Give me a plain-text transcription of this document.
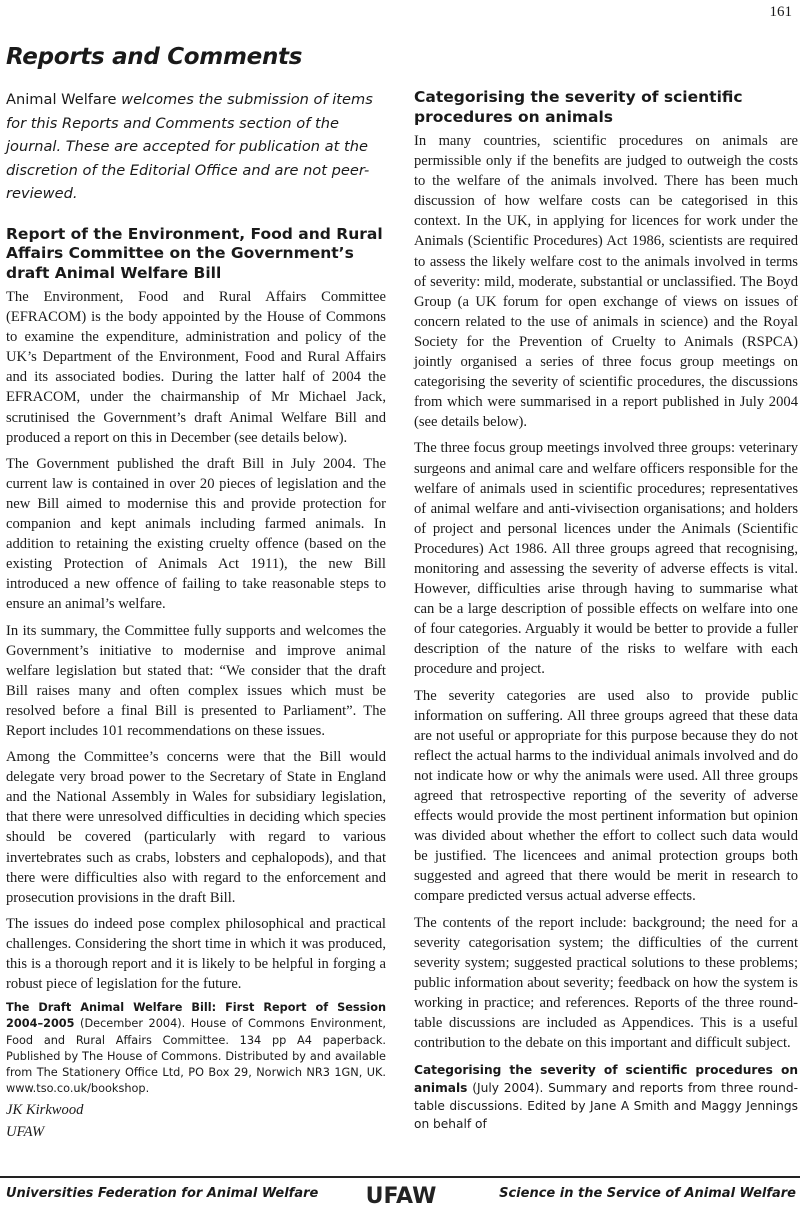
161
Reports and Comments

Animal Welfare welcomes the submission of items for this Reports and Comments section of the journal. These are accepted for publication at the discretion of the Editorial Office and are not peer-reviewed.

Report of the Environment, Food and Rural Affairs Committee on the Government’s draft Animal Welfare Bill

The Environment, Food and Rural Affairs Committee (EFRACOM) is the body appointed by the House of Commons to examine the expenditure, administration and policy of the UK’s Department of the Environment, Food and Rural Affairs and its associated bodies. During the latter half of 2004 the EFRACOM, under the chairmanship of Mr Michael Jack, scrutinised the Government’s draft Animal Welfare Bill and produced a report on this in December (see details below).

The Government published the draft Bill in July 2004. The current law is contained in over 20 pieces of legislation and the new Bill aimed to modernise this and provide protection for companion and kept animals including farmed animals. In addition to retaining the existing cruelty offence (based on the existing Protection of Animals Act 1911), the new Bill introduced a new offence of failing to take reasonable steps to ensure an animal’s welfare.

In its summary, the Committee fully supports and welcomes the Government’s initiative to modernise and improve animal welfare legislation but stated that: “We consider that the draft Bill raises many and often complex issues which must be resolved before a final Bill is presented to Parliament”. The Report includes 101 recommendations on these issues.

Among the Committee’s concerns were that the Bill would delegate very broad power to the Secretary of State in England and the National Assembly in Wales for subsidiary legislation, that there were unresolved difficulties in deciding which species should be covered (particularly with regard to various invertebrates such as crabs, lobsters and cephalopods), and that there were difficulties also with regard to the enforcement and prosecution provisions in the draft Bill.

The issues do indeed pose complex philosophical and practical challenges. Considering the short time in which it was produced, this is a thorough report and it is likely to be helpful in forging a robust piece of legislation for the future.

The Draft Animal Welfare Bill: First Report of Session 2004–2005 (December 2004). House of Commons Environment, Food and Rural Affairs Committee. 134 pp A4 paperback. Published by The House of Commons. Distributed by and available from The Stationery Office Ltd, PO Box 29, Norwich NR3 1GN, UK. www.tso.co.uk/bookshop.

JK Kirkwood

UFAW

Categorising the severity of scientific procedures on animals

In many countries, scientific procedures on animals are permissible only if the benefits are judged to outweigh the costs to the welfare of the animals involved. There has been much discussion of how welfare costs can be categorised in this context. In the UK, in applying for licences for work under the Animals (Scientific Procedures) Act 1986, scientists are required to assess the likely welfare cost to the animals involved in terms of severity: mild, moderate, substantial or unclassified. The Boyd Group (a UK forum for open exchange of views on issues of concern related to the use of animals in science) and the Royal Society for the Prevention of Cruelty to Animals (RSPCA) jointly organised a series of three focus group meetings on categorising the severity of scientific procedures, the discussions from which were summarised in a report published in July 2004 (see details below).

The three focus group meetings involved three groups: veterinary surgeons and animal care and welfare officers responsible for the welfare of animals used in scientific procedures; representatives of animal welfare and anti-vivisection organisations; and holders of project and personal licences under the Animals (Scientific Procedures) Act 1986. All three groups agreed that recognising, monitoring and assessing the severity of adverse effects is vital. However, difficulties arise through having to summarise what can be a large description of possible effects on welfare into one of four categories. Arguably it would be better to provide a fuller description of the nature of the risks to welfare with each procedure and project.

The severity categories are used also to provide public information on suffering. All three groups agreed that these data are not useful or appropriate for this purpose because they do not reflect the actual harms to the individual animals involved and do not indicate how or why the animals were used. All three groups agreed that retrospective reporting of the severity of adverse effects would provide the most pertinent information but opinion was divided about whether the effort to collect such data would be justified. The licencees and animal protection groups both suggested and agreed that there would be merit in research to compare predicted versus actual adverse effects.

The contents of the report include: background; the need for a severity categorisation system; the difficulties of the current severity system; suggested practical solutions to these problems; public information about severity; feedback on how the system is working in practice; and references. Reports of the three round-table discussions are included as Appendices. This is a useful contribution to the debate on this important and difficult subject.

Categorising the severity of scientific procedures on animals (July 2004). Summary and reports from three round-table discussions. Edited by Jane A Smith and Maggy Jennings on behalf of

Universities Federation for Animal Welfare UFAW	Science in the Service of Animal Welfare
